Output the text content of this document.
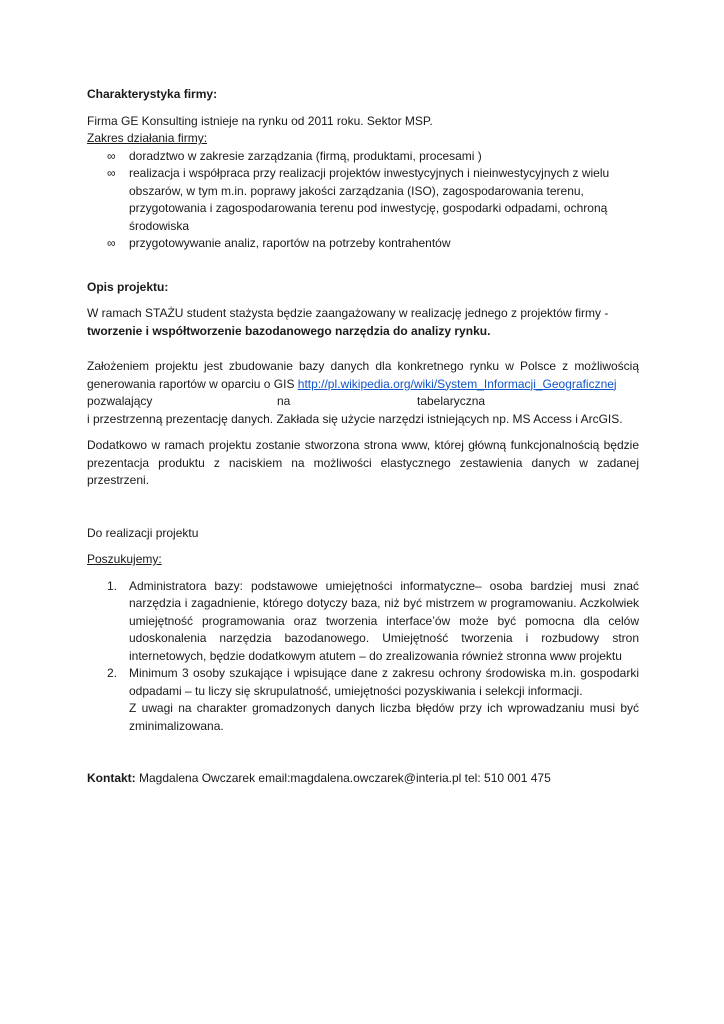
Charakterystyka firmy:

Firma GE Konsulting istnieje na rynku od 2011 roku. Sektor MSP.

Zakres działania firmy:

∞ doradztwo w zakresie zarządzania (firmą, produktami, procesami )
∞ realizacja i współpraca przy realizacji projektów inwestycyjnych i nieinwestycyjnych z wielu obszarów, w tym m.in. poprawy jakości zarządzania (ISO), zagospodarowania terenu, przygotowania i zagospodarowania terenu pod inwestycję, gospodarki odpadami, ochroną środowiska
∞ przygotowywanie analiz, raportów na potrzeby kontrahentów

Opis projektu:

W ramach STAŻU student stażysta będzie zaangażowany w realizację jednego z projektów firmy - tworzenie i współtworzenie bazodanowego narzędzia do analizy rynku.

Założeniem projektu jest zbudowanie bazy danych dla konkretnego rynku w Polsce z możliwością generowania raportów w oparciu o GIS http://pl.wikipedia.org/wiki/System_Informacji_Geograficznej

pozwalający	na	tabelaryczna

i przestrzenną prezentację danych. Zakłada się użycie narzędzi istniejących np. MS Access i ArcGIS.

Dodatkowo w ramach projektu zostanie stworzona strona www, której główną funkcjonalnością będzie prezentacja produktu z naciskiem na możliwości elastycznego zestawienia danych w zadanej przestrzeni.

Do realizacji projektu

Poszukujemy:

1. Administratora bazy: podstawowe umiejętności informatyczne– osoba bardziej musi znać narzędzia i zagadnienie, którego dotyczy baza, niż być mistrzem w programowaniu. Aczkolwiek umiejętność programowania oraz tworzenia interface’ów może być pomocna dla celów udoskonalenia narzędzia bazodanowego. Umiejętność tworzenia i rozbudowy stron internetowych, będzie dodatkowym atutem – do zrealizowania również stronna www projektu
2. Minimum 3 osoby szukające i wpisujące dane z zakresu ochrony środowiska m.in. gospodarki odpadami – tu liczy się skrupulatność, umiejętności pozyskiwania i selekcji informacji.
Z uwagi na charakter gromadzonych danych liczba błędów przy ich wprowadzaniu musi być zminimalizowana.

Kontakt: Magdalena Owczarek email:magdalena.owczarek@interia.pl tel: 510 001 475
